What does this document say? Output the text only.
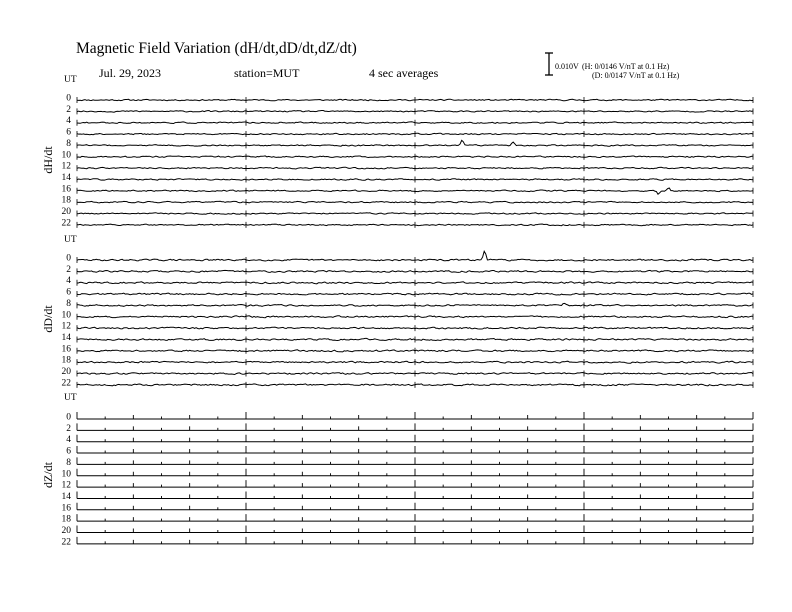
Magnetic Field Variation (dH/dt,dD/dt,dZ/dt)
Jul. 29, 2023	station=MUT	4 sec averages	0.010V (H: 0/0146 V/nT at 0.1 Hz)
(D: 0/0147 V/nT at 0.1 Hz)
UT
dH/dt
0
2
4
6
8
10
12
14
16
18
20
22
UT
dD/dt
0
2
4
6
8
10
12
14
16
18
20
22
UT
dZ/dt
0
2
4
6
8
10
12
14
16
18
20
22
